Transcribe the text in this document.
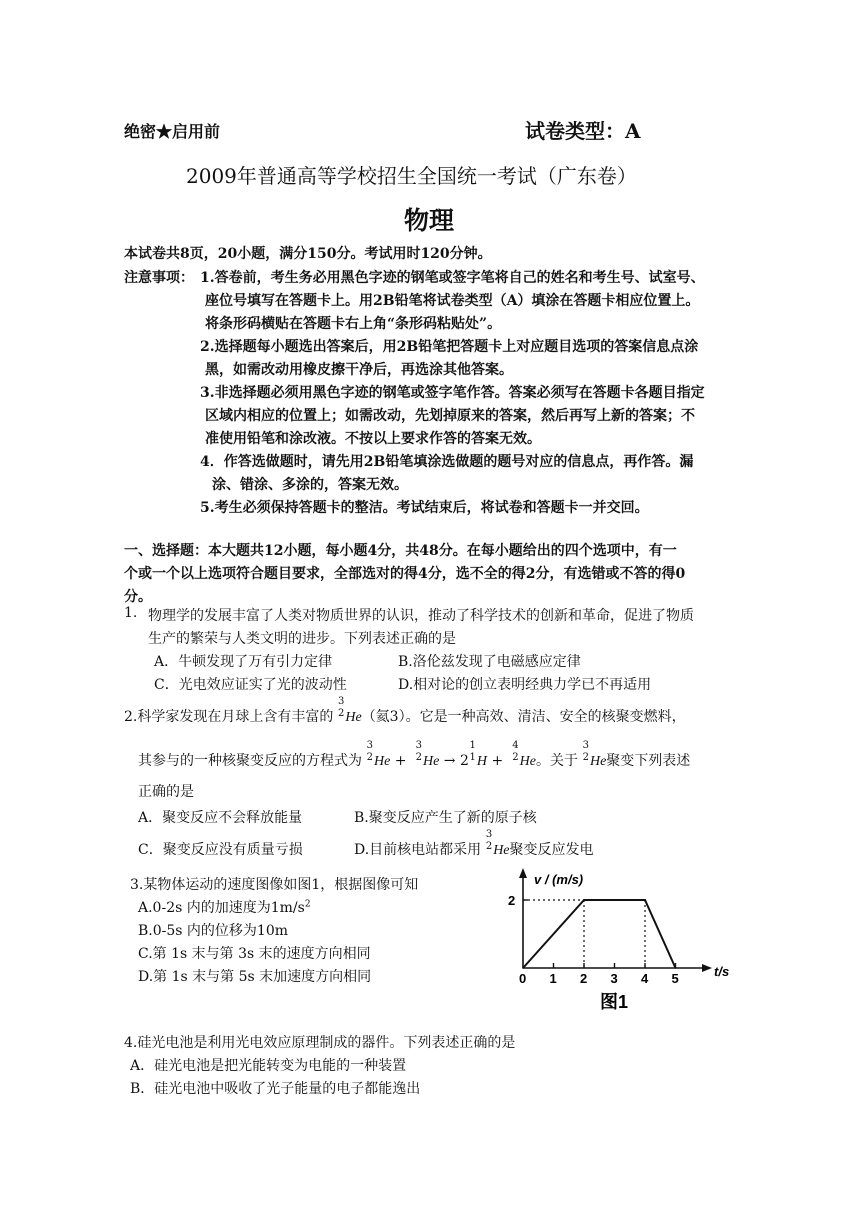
绝密★启用前	试卷类型：A
2009年普通高等学校招生全国统一考试（广东卷）
物理
本试卷共8页，20小题，满分150分。考试用时120分钟。
注意事项： 1.答卷前，考生务必用黑色字迹的钢笔或签字笔将自己的姓名和考生号、试室号、
座位号填写在答题卡上。用2B铅笔将试卷类型（A）填涂在答题卡相应位置上。
将条形码横贴在答题卡右上角“条形码粘贴处”。
2.选择题每小题选出答案后，用2B铅笔把答题卡上对应题目选项的答案信息点涂
黑，如需改动用橡皮擦干净后，再选涂其他答案。
3.非选择题必须用黑色字迹的钢笔或签字笔作答。答案必须写在答题卡各题目指定
区域内相应的位置上；如需改动，先划掉原来的答案，然后再写上新的答案；不
准使用铅笔和涂改液。不按以上要求作答的答案无效。
4．作答选做题时，请先用2B铅笔填涂选做题的题号对应的信息点，再作答。漏
涂、错涂、多涂的，答案无效。
5.考生必须保持答题卡的整洁。考试结束后，将试卷和答题卡一并交回。
一、选择题：本大题共12小题，每小题4分，共48分。在每小题给出的四个选项中，有一
个或一个以上选项符合题目要求，全部选对的得4分，选不全的得2分，有选错或不答的得0
分。
1. 物理学的发展丰富了人类对物质世界的认识，推动了科学技术的创新和革命，促进了物质
生产的繁荣与人类文明的进步。下列表述正确的是
A．牛顿发现了万有引力定律	B.洛伦兹发现了电磁感应定律
C．光电效应证实了光的波动性	D.相对论的创立表明经典力学已不再适用
2.科学家发现在月球上含有丰富的
3
2 He（氦3）。它是一种高效、清洁、安全的核聚变燃料，
其参与的一种核聚变反应的方程式为
3
2 He +
3
2 He → 2
1
1 H +
4
2 He。关于
3
2 He聚变下列表述
正确的是
A．聚变反应不会释放能量	B.聚变反应产生了新的原子核
C．聚变反应没有质量亏损	D.目前核电站都采用
3
2 He聚变反应发电
3.某物体运动的速度图像如图1，根据图像可知
A.0-2s 内的加速度为$1m/s^2$
B.0-5s 内的位移为10m
C.第 1s 末与第 3s 末的速度方向相同
D.第 1s 末与第 5s 末加速度方向相同
v / (m/s)
t/s
0 1 2 3 4 5
2
图1
4.硅光电池是利用光电效应原理制成的器件。下列表述正确的是
A．硅光电池是把光能转变为电能的一种装置
B．硅光电池中吸收了光子能量的电子都能逸出
